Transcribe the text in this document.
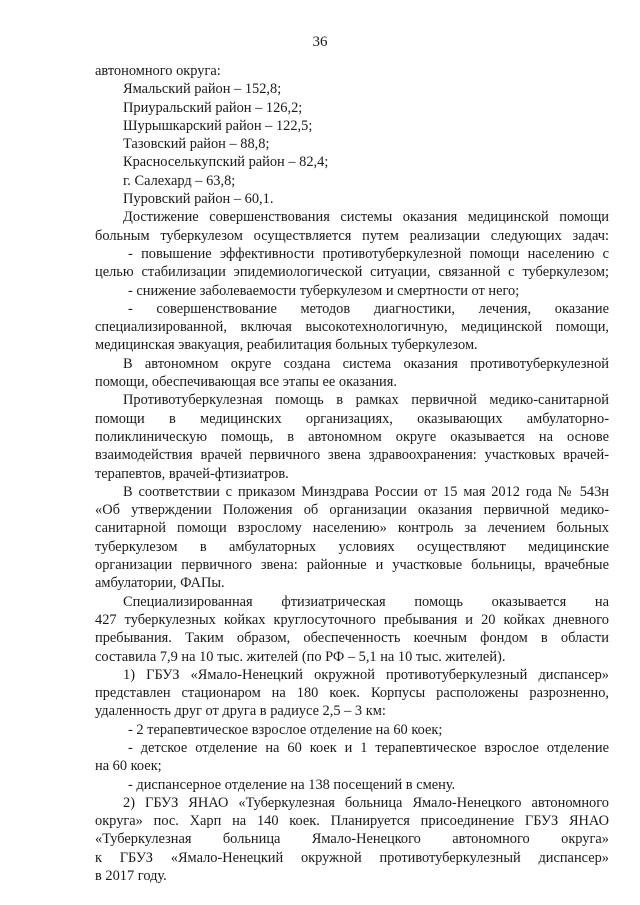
36
автономного округа:
Ямальский район – 152,8;
Приуральский район – 126,2;
Шурышкарский район – 122,5;
Тазовский район – 88,8;
Красноселькупский район – 82,4;
г. Салехард – 63,8;
Пуровский район – 60,1.
Достижение совершенствования системы оказания медицинской помощи
больным туберкулезом осуществляется путем реализации следующих задач:
- повышение эффективности противотуберкулезной помощи населению с
целью стабилизации эпидемиологической ситуации, связанной с туберкулезом;
- снижение заболеваемости туберкулезом и смертности от него;
- совершенствование методов диагностики, лечения, оказание
специализированной, включая высокотехнологичную, медицинской помощи,
медицинская эвакуация, реабилитация больных туберкулезом.
В автономном округе создана система оказания противотуберкулезной
помощи, обеспечивающая все этапы ее оказания.
Противотуберкулезная помощь в рамках первичной медико-санитарной
помощи в медицинских организациях, оказывающих амбулаторно-
поликлиническую помощь, в автономном округе оказывается на основе
взаимодействия врачей первичного звена здравоохранения: участковых врачей-
терапевтов, врачей-фтизиатров.
В соответствии с приказом Минздрава России от 15 мая 2012 года № 543н
«Об утверждении Положения об организации оказания первичной медико-
санитарной помощи взрослому населению» контроль за лечением больных
туберкулезом в амбулаторных условиях осуществляют медицинские
организации первичного звена: районные и участковые больницы, врачебные
амбулатории, ФАПы.
Специализированная фтизиатрическая помощь оказывается на
427 туберкулезных койках круглосуточного пребывания и 20 койках дневного
пребывания. Таким образом, обеспеченность коечным фондом в области
составила 7,9 на 10 тыс. жителей (по РФ – 5,1 на 10 тыс. жителей).
1) ГБУЗ «Ямало-Ненецкий окружной противотуберкулезный диспансер»
представлен стационаром на 180 коек. Корпусы расположены разрозненно,
удаленность друг от друга в радиусе 2,5 – 3 км:
- 2 терапевтическое взрослое отделение на 60 коек;
- детское отделение на 60 коек и 1 терапевтическое взрослое отделение
на 60 коек;
- диспансерное отделение на 138 посещений в смену.
2) ГБУЗ ЯНАО «Туберкулезная больница Ямало-Ненецкого автономного
округа» пос. Харп на 140 коек. Планируется присоединение ГБУЗ ЯНАО
«Туберкулезная больница Ямало-Ненецкого автономного округа»
к ГБУЗ «Ямало-Ненецкий окружной противотуберкулезный диспансер»
в 2017 году.
